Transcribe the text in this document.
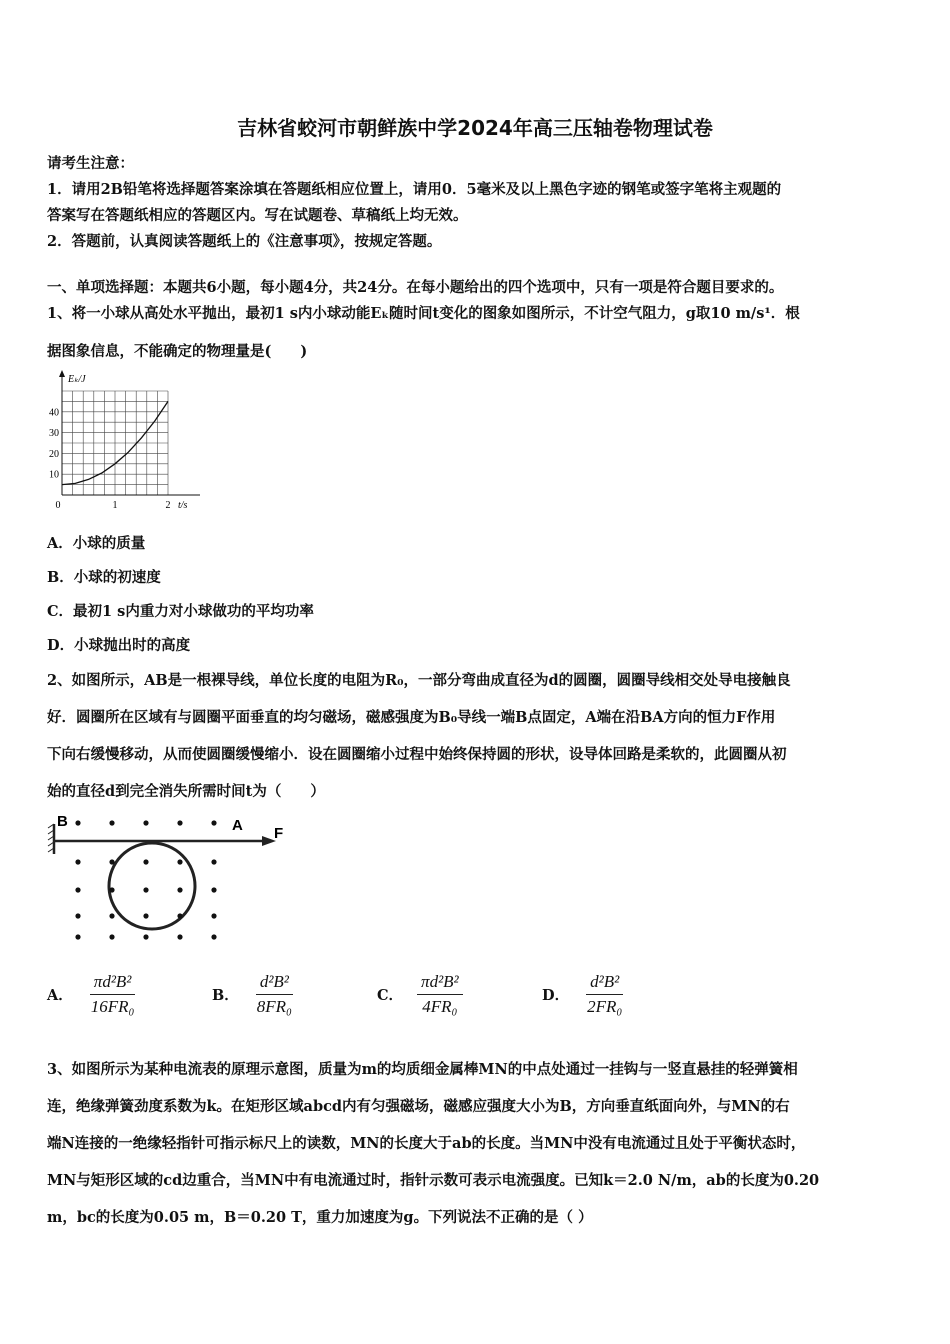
吉林省蛟河市朝鲜族中学2024年高三压轴卷物理试卷
请考生注意：
1．请用2B铅笔将选择题答案涂填在答题纸相应位置上，请用0．5毫米及以上黑色字迹的钢笔或签字笔将主观题的
答案写在答题纸相应的答题区内。写在试题卷、草稿纸上均无效。
2．答题前，认真阅读答题纸上的《注意事项》，按规定答题。
一、单项选择题：本题共6小题，每小题4分，共24分。在每小题给出的四个选项中，只有一项是符合题目要求的。
1、将一小球从高处水平抛出，最初1 s内小球动能Eₖ随时间t变化的图象如图所示，不计空气阻力，g取10 m/s¹．根
据图象信息，不能确定的物理量是(　　)
Eₖ/J
t/s
40
30
20
10
0	1	2
A．小球的质量
B．小球的初速度
C．最初1 s内重力对小球做功的平均功率
D．小球抛出时的高度
2、如图所示，AB是一根裸导线，单位长度的电阻为R₀，一部分弯曲成直径为d的圆圈，圆圈导线相交处导电接触良
好．圆圈所在区域有与圆圈平面垂直的均匀磁场，磁感强度为B₀导线一端B点固定，A端在沿BA方向的恒力F作用
下向右缓慢移动，从而使圆圈缓慢缩小．设在圆圈缩小过程中始终保持圆的形状，设导体回路是柔软的，此圆圈从初
始的直径d到完全消失所需时间t为（　　）
B	A F
A． $\frac{\text{πd²B²}}{\text{16FR₀}}$	B． $\frac{\text{d²B²}}{\text{8FR₀}}$	C． $\frac{\text{πd²B²}}{\text{4FR₀}}$	D． $\frac{\text{d²B²}}{\text{2FR₀}}$
3、如图所示为某种电流表的原理示意图，质量为m的均质细金属棒MN的中点处通过一挂钩与一竖直悬挂的轻弹簧相
连，绝缘弹簧劲度系数为k。在矩形区域abcd内有匀强磁场，磁感应强度大小为B，方向垂直纸面向外，与MN的右
端N连接的一绝缘轻指针可指示标尺上的读数，MN的长度大于ab的长度。当MN中没有电流通过且处于平衡状态时，
MN与矩形区域的cd边重合，当MN中有电流通过时，指针示数可表示电流强度。已知k＝2.0 N/m，ab的长度为0.20
m，bc的长度为0.05 m，B＝0.20 T，重力加速度为g。下列说法不正确的是（ ）
